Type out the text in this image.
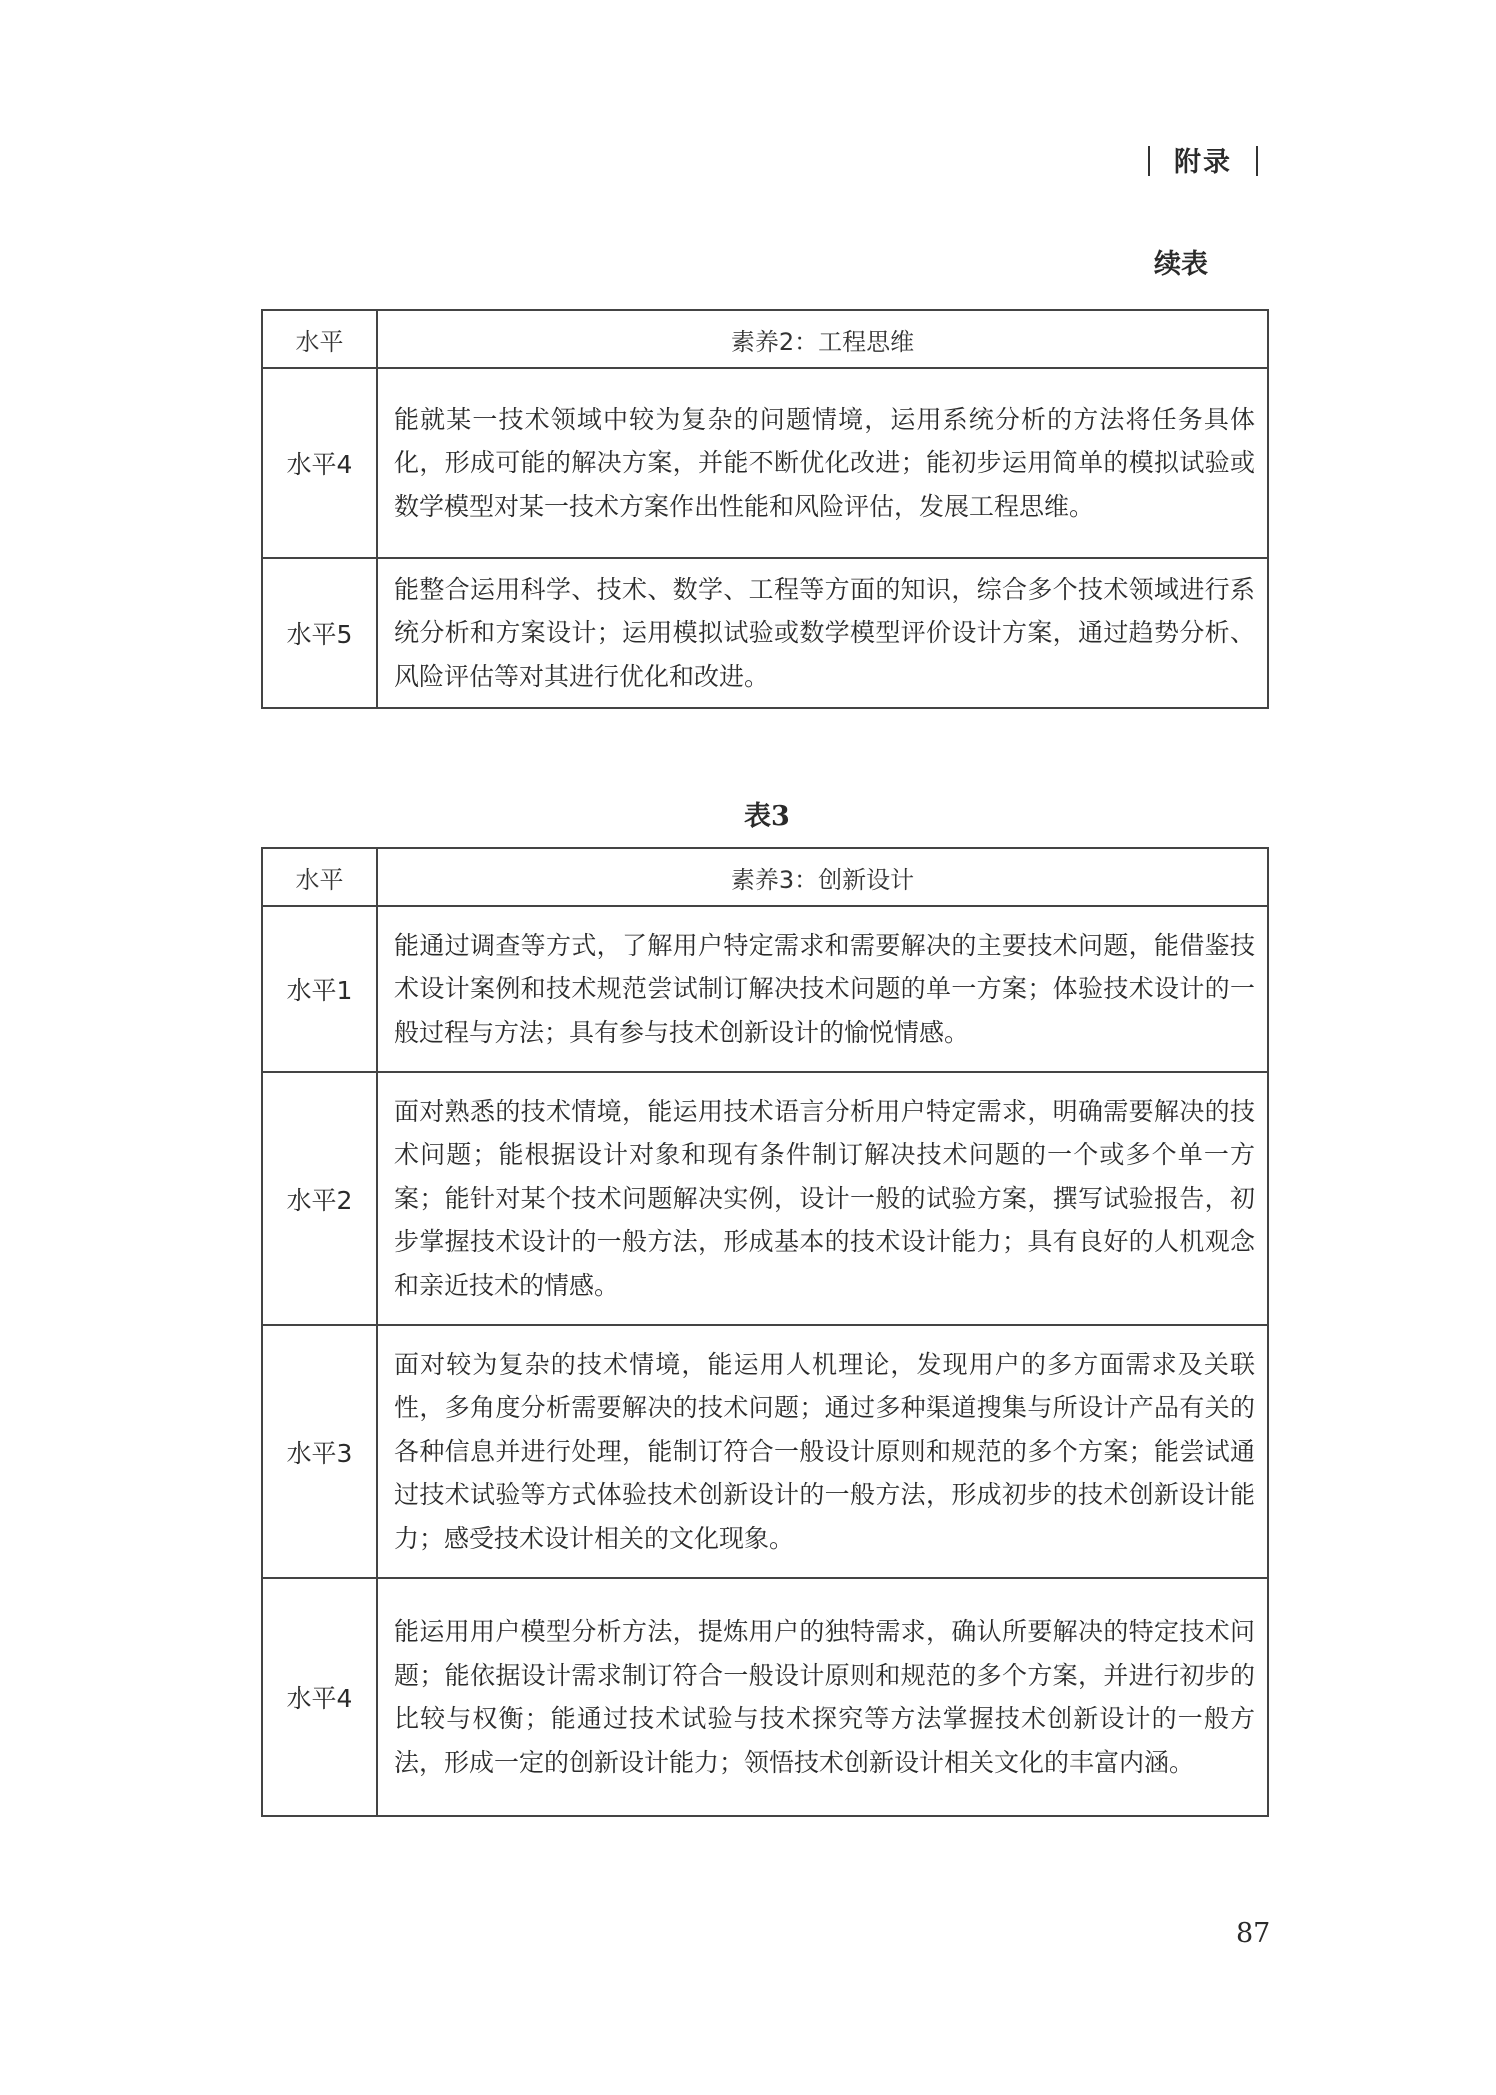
附录
续表
水平	素养2：工程思维
水平4	能就某一技术领域中较为复杂的问题情境，运用系统分析的方法将任务具体化，形成可能的解决方案，并能不断优化改进；能初步运用简单的模拟试验或数学模型对某一技术方案作出性能和风险评估，发展工程思维。
水平5	能整合运用科学、技术、数学、工程等方面的知识，综合多个技术领域进行系统分析和方案设计；运用模拟试验或数学模型评价设计方案，通过趋势分析、风险评估等对其进行优化和改进。
表3
水平	素养3：创新设计
水平1	能通过调查等方式，了解用户特定需求和需要解决的主要技术问题，能借鉴技术设计案例和技术规范尝试制订解决技术问题的单一方案；体验技术设计的一般过程与方法；具有参与技术创新设计的愉悦情感。
水平2	面对熟悉的技术情境，能运用技术语言分析用户特定需求，明确需要解决的技术问题；能根据设计对象和现有条件制订解决技术问题的一个或多个单一方案；能针对某个技术问题解决实例，设计一般的试验方案，撰写试验报告，初步掌握技术设计的一般方法，形成基本的技术设计能力；具有良好的人机观念和亲近技术的情感。
水平3	面对较为复杂的技术情境，能运用人机理论，发现用户的多方面需求及关联性，多角度分析需要解决的技术问题；通过多种渠道搜集与所设计产品有关的各种信息并进行处理，能制订符合一般设计原则和规范的多个方案；能尝试通过技术试验等方式体验技术创新设计的一般方法，形成初步的技术创新设计能力；感受技术设计相关的文化现象。
水平4	能运用用户模型分析方法，提炼用户的独特需求，确认所要解决的特定技术问题；能依据设计需求制订符合一般设计原则和规范的多个方案，并进行初步的比较与权衡；能通过技术试验与技术探究等方法掌握技术创新设计的一般方法，形成一定的创新设计能力；领悟技术创新设计相关文化的丰富内涵。
87
